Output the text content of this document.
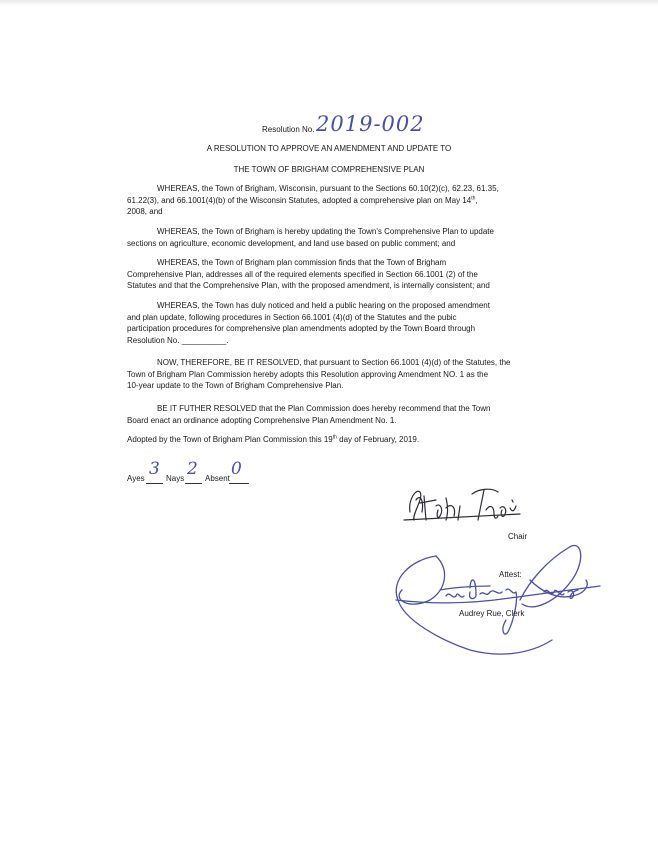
Resolution No. 2019-002
A RESOLUTION TO APPROVE AN AMENDMENT AND UPDATE TO
THE TOWN OF BRIGHAM COMPREHENSIVE PLAN
WHEREAS, the Town of Brigham, Wisconsin, pursuant to the Sections 60.10(2)(c), 62.23, 61.35,
61.22(3), and 66.1001(4)(b) of the Wisconsin Statutes, adopted a comprehensive plan on May 14th,
2008, and
WHEREAS, the Town of Brigham is hereby updating the Town's Comprehensive Plan to update
sections on agriculture, economic development, and land use based on public comment; and
WHEREAS, the Town of Brigham plan commission finds that the Town of Brigham
Comprehensive Plan, addresses all of the required elements specified in Section 66.1001 (2) of the
Statutes and that the Comprehensive Plan, with the proposed amendment, is internally consistent; and
WHEREAS, the Town has duly noticed and held a public hearing on the proposed amendment
and plan update, following procedures in Section 66.1001 (4)(d) of the Statutes and the pubic
participation procedures for comprehensive plan amendments adopted by the Town Board through
Resolution No. __________.
NOW, THEREFORE, BE IT RESOLVED, that pursuant to Section 66.1001 (4)(d) of the Statutes, the
Town of Brigham Plan Commission hereby adopts this Resolution approving Amendment NO. 1 as the
10-year update to the Town of Brigham Comprehensive Plan.
BE IT FUTHER RESOLVED that the Plan Commission does hereby recommend that the Town
Board enact an ordinance adopting Comprehensive Plan Amendment No. 1.
Adopted by the Town of Brigham Plan Commission this 19th day of February, 2019.
Ayes 3 Nays 2 Absent 0
Chair
Attest:
Audrey Rue, Clerk
